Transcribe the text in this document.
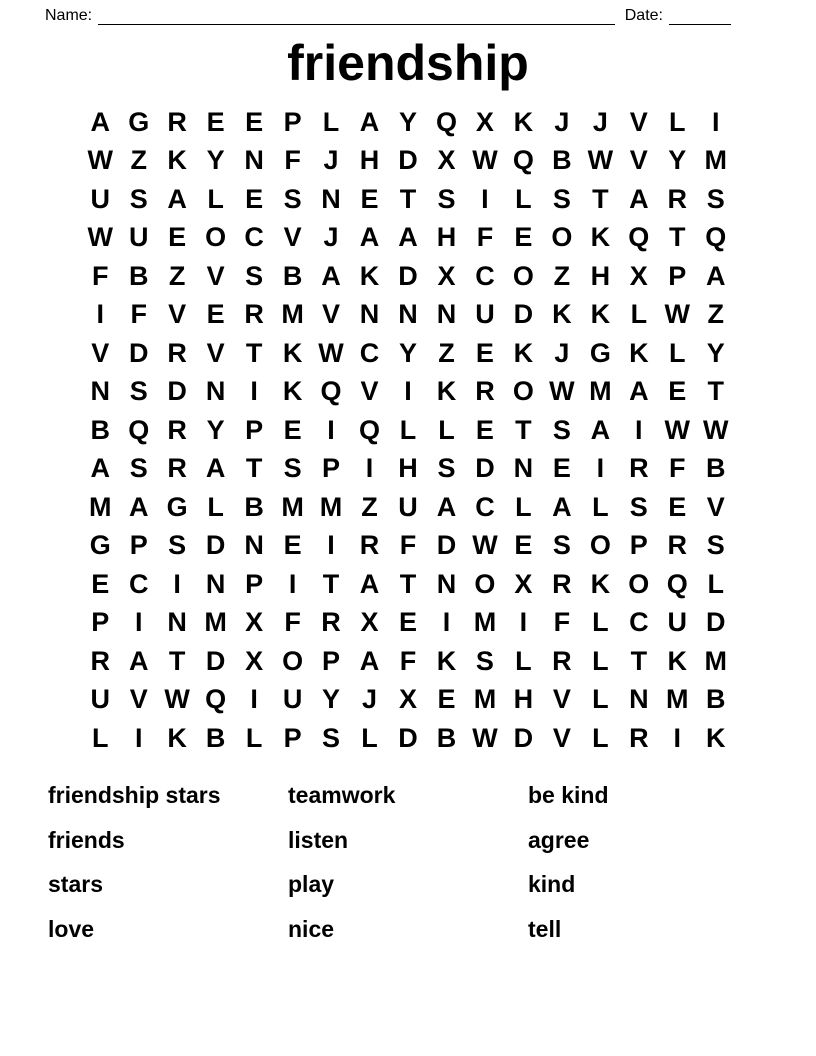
Name:	Date:
friendship
A G R E E P L A Y Q X K J J V L I
W Z K Y N F J H D X W Q B W V Y M
U S A L E S N E T S I L S T A R S
W U E O C V J A A H F E O K Q T Q
F B Z V S B A K D X C O Z H X P A
I F V E R M V N N N U D K K L W Z
V D R V T K W C Y Z E K J G K L Y
N S D N I K Q V I K R O W M A E T
B Q R Y P E I Q L L E T S A I W W
A S R A T S P I H S D N E I R F B
M A G L B M M Z U A C L A L S E V
G P S D N E I R F D W E S O P R S
E C I N P I T A T N O X R K O Q L
P I N M X F R X E I M I F L C U D
R A T D X O P A F K S L R L T K M
U V W Q I U Y J X E M H V L N M B
L I K B L P S L D B W D V L R I K
friendship stars
friends
stars
love
teamwork
listen
play
nice
be kind
agree
kind
tell
